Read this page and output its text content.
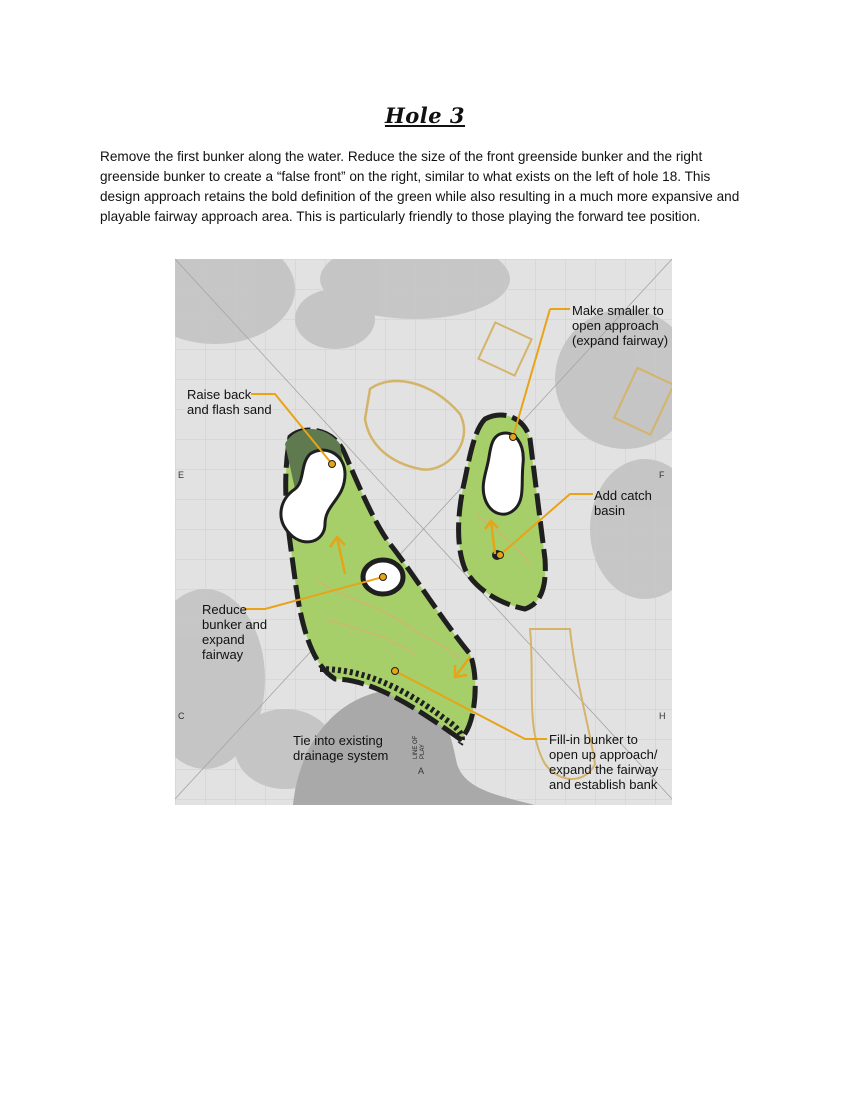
Hole 3

Remove the first bunker along the water. Reduce the size of the front greenside bunker and the right greenside bunker to create a “false front” on the right, similar to what exists on the left of hole 18. This design approach retains the bold definition of the green while also resulting in a much more expansive and playable fairway approach area. This is particularly friendly to those playing the forward tee position.

Make smaller to open approach (expand fairway)
Raise back and flash sand
Add catch basin
Reduce bunker and expand fairway
Tie into existing drainage system
Fill-in bunker to open up approach/ expand the fairway and establish bank
LINE OF PLAY
E	F
C	H
A
